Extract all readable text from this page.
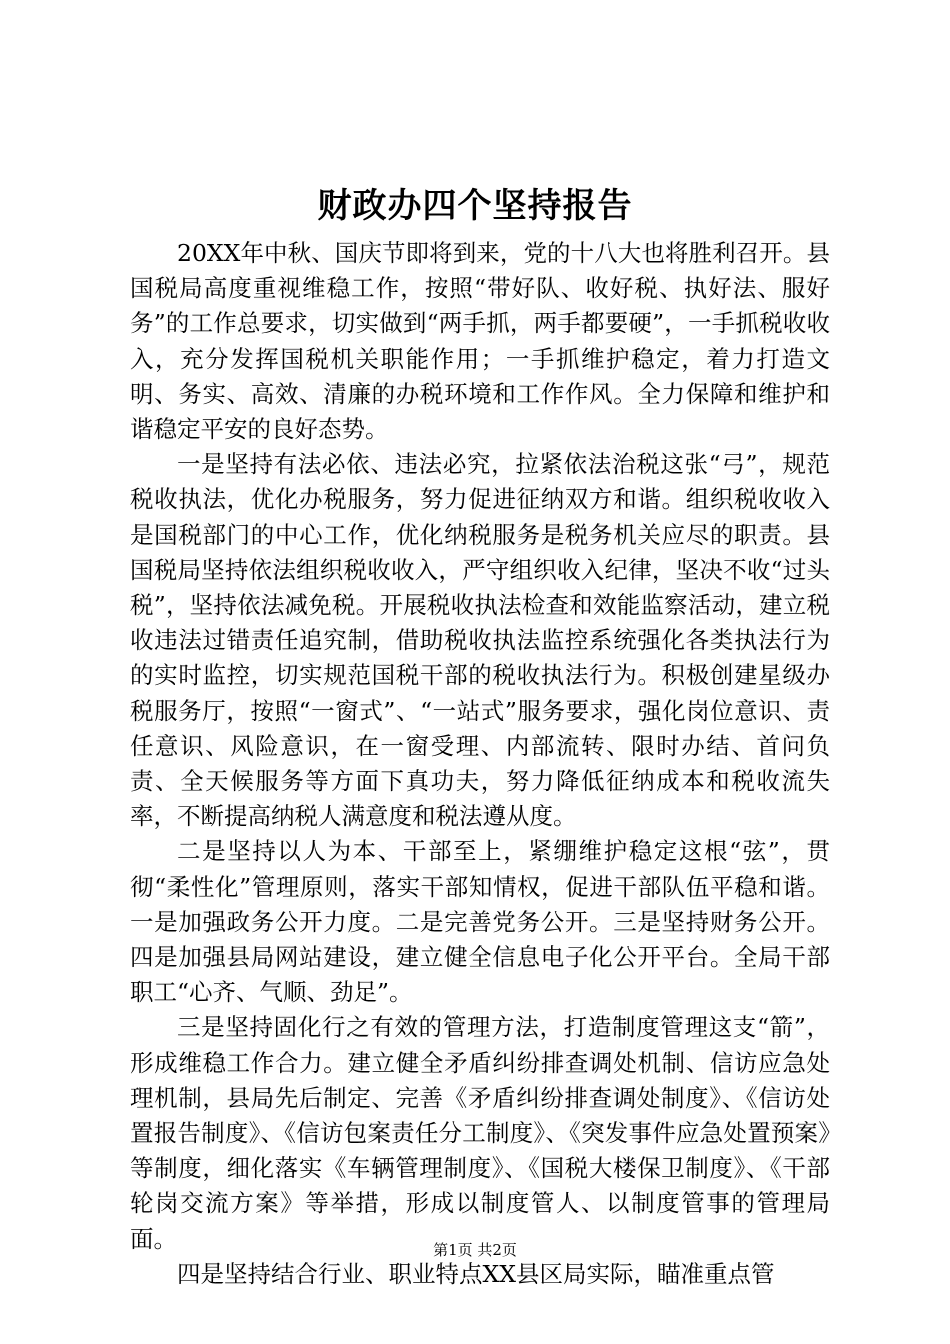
财政办四个坚持报告

20XX年中秋、国庆节即将到来，党的十八大也将胜利召开。县国税局高度重视维稳工作，按照“带好队、收好税、执好法、服好务”的工作总要求，切实做到“两手抓，两手都要硬”，一手抓税收收入，充分发挥国税机关职能作用；一手抓维护稳定，着力打造文明、务实、高效、清廉的办税环境和工作作风。全力保障和维护和谐稳定平安的良好态势。

一是坚持有法必依、违法必究，拉紧依法治税这张“弓”，规范税收执法，优化办税服务，努力促进征纳双方和谐。组织税收收入是国税部门的中心工作，优化纳税服务是税务机关应尽的职责。县国税局坚持依法组织税收收入，严守组织收入纪律，坚决不收“过头税”，坚持依法减免税。开展税收执法检查和效能监察活动，建立税收违法过错责任追究制，借助税收执法监控系统强化各类执法行为的实时监控，切实规范国税干部的税收执法行为。积极创建星级办税服务厅，按照“一窗式”、“一站式”服务要求，强化岗位意识、责任意识、风险意识，在一窗受理、内部流转、限时办结、首问负责、全天候服务等方面下真功夫，努力降低征纳成本和税收流失率，不断提高纳税人满意度和税法遵从度。

二是坚持以人为本、干部至上，紧绷维护稳定这根“弦”，贯彻“柔性化”管理原则，落实干部知情权，促进干部队伍平稳和谐。一是加强政务公开力度。二是完善党务公开。三是坚持财务公开。四是加强县局网站建设，建立健全信息电子化公开平台。全局干部职工“心齐、气顺、劲足”。

三是坚持固化行之有效的管理方法，打造制度管理这支“箭”，形成维稳工作合力。建立健全矛盾纠纷排查调处机制、信访应急处理机制，县局先后制定、完善《矛盾纠纷排查调处制度》、《信访处置报告制度》、《信访包案责任分工制度》、《突发事件应急处置预案》等制度，细化落实《车辆管理制度》、《国税大楼保卫制度》、《干部轮岗交流方案》等举措，形成以制度管人、以制度管事的管理局面。

四是坚持结合行业、职业特点XX县区局实际，瞄准重点管

第1页 共2页
